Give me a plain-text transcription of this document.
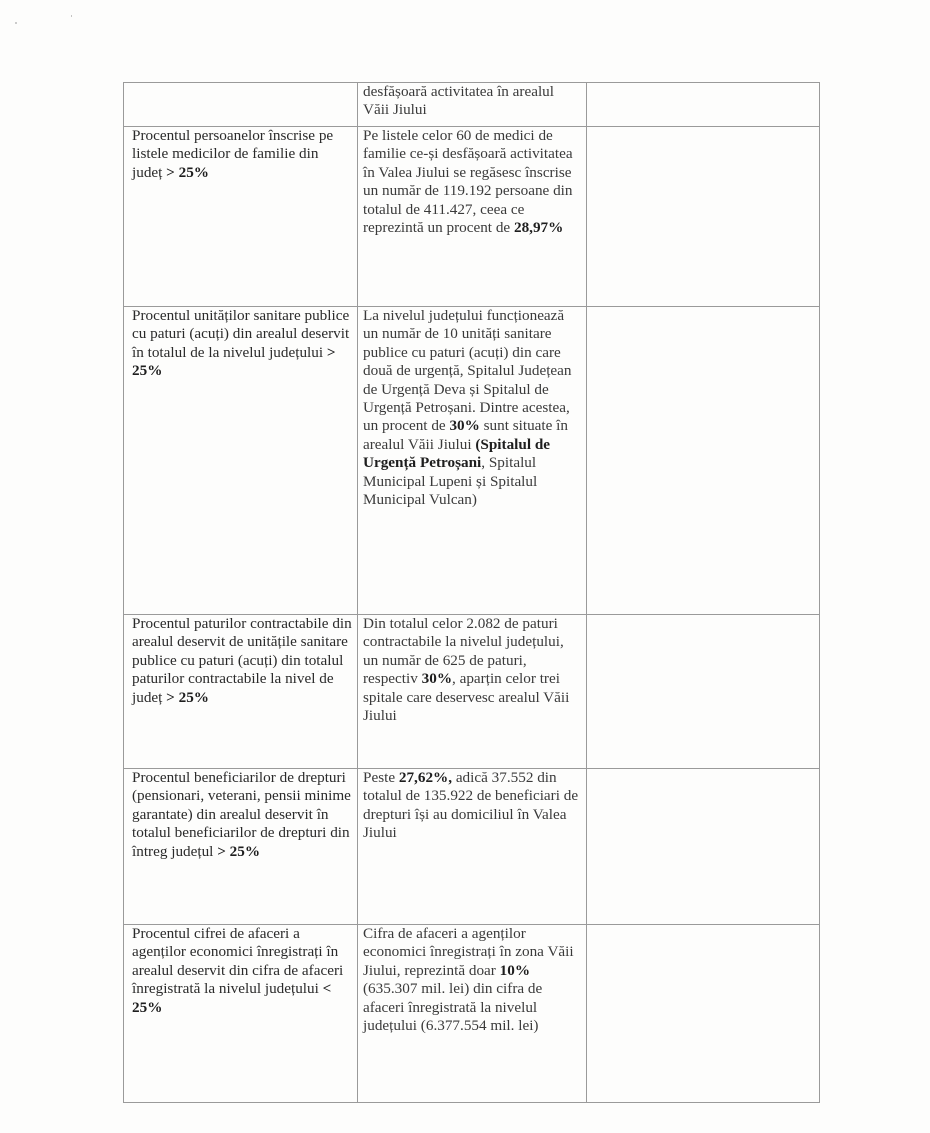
	desfășoară activitatea în arealul Văii Jiului	
Procentul persoanelor înscrise pe listele medicilor de familie din județ > 25%	Pe listele celor 60 de medici de familie ce-și desfășoară activitatea în Valea Jiului se regăsesc înscrise un număr de 119.192 persoane din totalul de 411.427, ceea ce reprezintă un procent de 28,97%	
Procentul unităților sanitare publice cu paturi (acuți) din arealul deservit în totalul de la nivelul județului > 25%	La nivelul județului funcționează un număr de 10 unități sanitare publice cu paturi (acuți) din care două de urgență, Spitalul Județean de Urgență Deva și Spitalul de Urgență Petroșani. Dintre acestea, un procent de 30% sunt situate în arealul Văii Jiului (Spitalul de Urgență Petroșani, Spitalul Municipal Lupeni și Spitalul Municipal Vulcan)	
Procentul paturilor contractabile din arealul deservit de unitățile sanitare publice cu paturi (acuți) din totalul paturilor contractabile la nivel de județ > 25%	Din totalul celor 2.082 de paturi contractabile la nivelul județului, un număr de 625 de paturi, respectiv 30%, aparțin celor trei spitale care deservesc arealul Văii Jiului	
Procentul beneficiarilor de drepturi (pensionari, veterani, pensii minime garantate) din arealul deservit în totalul beneficiarilor de drepturi din întreg județul > 25%	Peste 27,62%, adică 37.552 din totalul de 135.922 de beneficiari de drepturi își au domiciliul în Valea Jiului	
Procentul cifrei de afaceri a agenților economici înregistrați în arealul deservit din cifra de afaceri înregistrată la nivelul județului < 25%	Cifra de afaceri a agenților economici înregistrați în zona Văii Jiului, reprezintă doar 10% (635.307 mil. lei) din cifra de afaceri înregistrată la nivelul județului (6.377.554 mil. lei)	
